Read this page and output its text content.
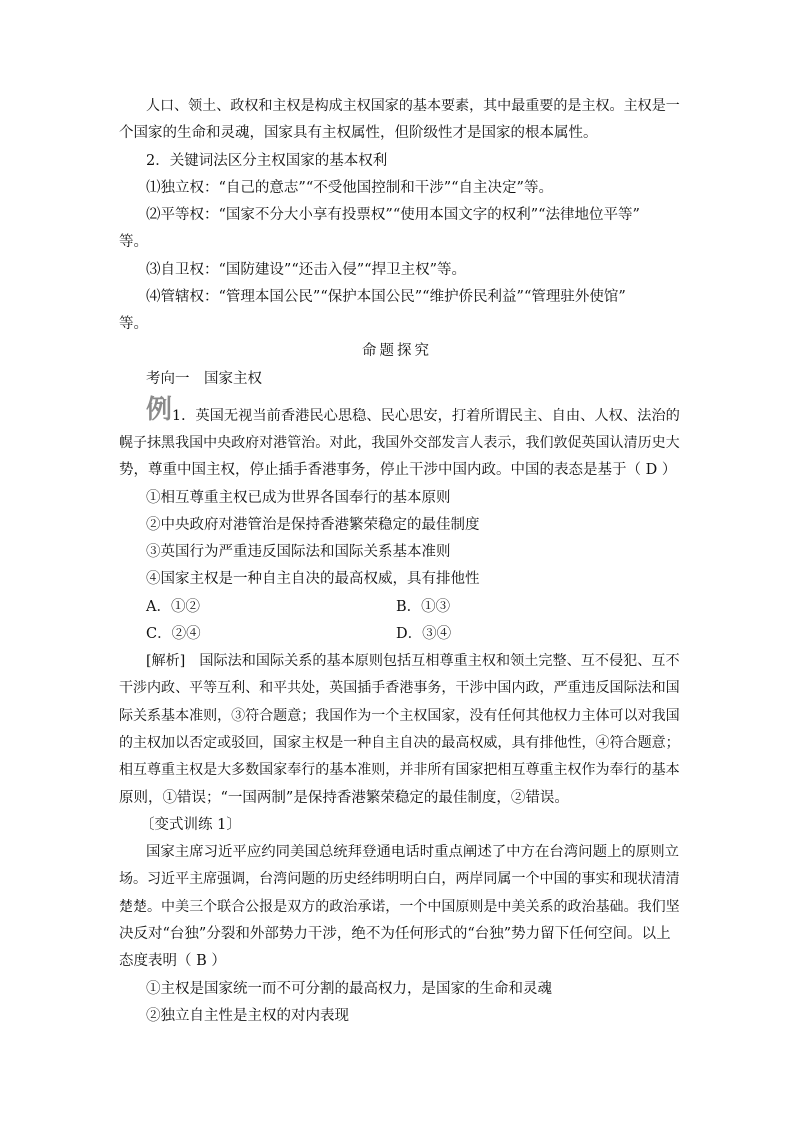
人口、领土、政权和主权是构成主权国家的基本要素，其中最重要的是主权。主权是一
个国家的生命和灵魂，国家具有主权属性，但阶级性才是国家的根本属性。
2．关键词法区分主权国家的基本权利
⑴独立权：“自己的意志”“不受他国控制和干涉”“自主决定”等。
⑵平等权：“国家不分大小享有投票权”“使用本国文字的权利”“法律地位平等”
等。
⑶自卫权：“国防建设”“还击入侵”“捍卫主权”等。
⑷管辖权：“管理本国公民”“保护本国公民”“维护侨民利益”“管理驻外使馆”
等。
命题探究
考向一　国家主权
例 1．英国无视当前香港民心思稳、民心思安，打着所谓民主、自由、人权、法治的
幌子抹黑我国中央政府对港管治。对此，我国外交部发言人表示，我们敦促英国认清历史大
势，尊重中国主权，停止插手香港事务，停止干涉中国内政。中国的表态是基于（ D ）
①相互尊重主权已成为世界各国奉行的基本原则
②中央政府对港管治是保持香港繁荣稳定的最佳制度
③英国行为严重违反国际法和国际关系基本准则
④国家主权是一种自主自决的最高权威，具有排他性
A．①②	B．①③
C．②④	D．③④
[解析]　国际法和国际关系的基本原则包括互相尊重主权和领土完整、互不侵犯、互不
干涉内政、平等互利、和平共处，英国插手香港事务，干涉中国内政，严重违反国际法和国
际关系基本准则，③符合题意；我国作为一个主权国家，没有任何其他权力主体可以对我国
的主权加以否定或驳回，国家主权是一种自主自决的最高权威，具有排他性，④符合题意；
相互尊重主权是大多数国家奉行的基本准则，并非所有国家把相互尊重主权作为奉行的基本
原则，①错误；“一国两制”是保持香港繁荣稳定的最佳制度，②错误。
〔变式训练 1〕
国家主席习近平应约同美国总统拜登通电话时重点阐述了中方在台湾问题上的原则立
场。习近平主席强调，台湾问题的历史经纬明明白白，两岸同属一个中国的事实和现状清清
楚楚。中美三个联合公报是双方的政治承诺，一个中国原则是中美关系的政治基础。我们坚
决反对“台独”分裂和外部势力干涉，绝不为任何形式的“台独”势力留下任何空间。以上
态度表明（ B ）
①主权是国家统一而不可分割的最高权力，是国家的生命和灵魂
②独立自主性是主权的对内表现
